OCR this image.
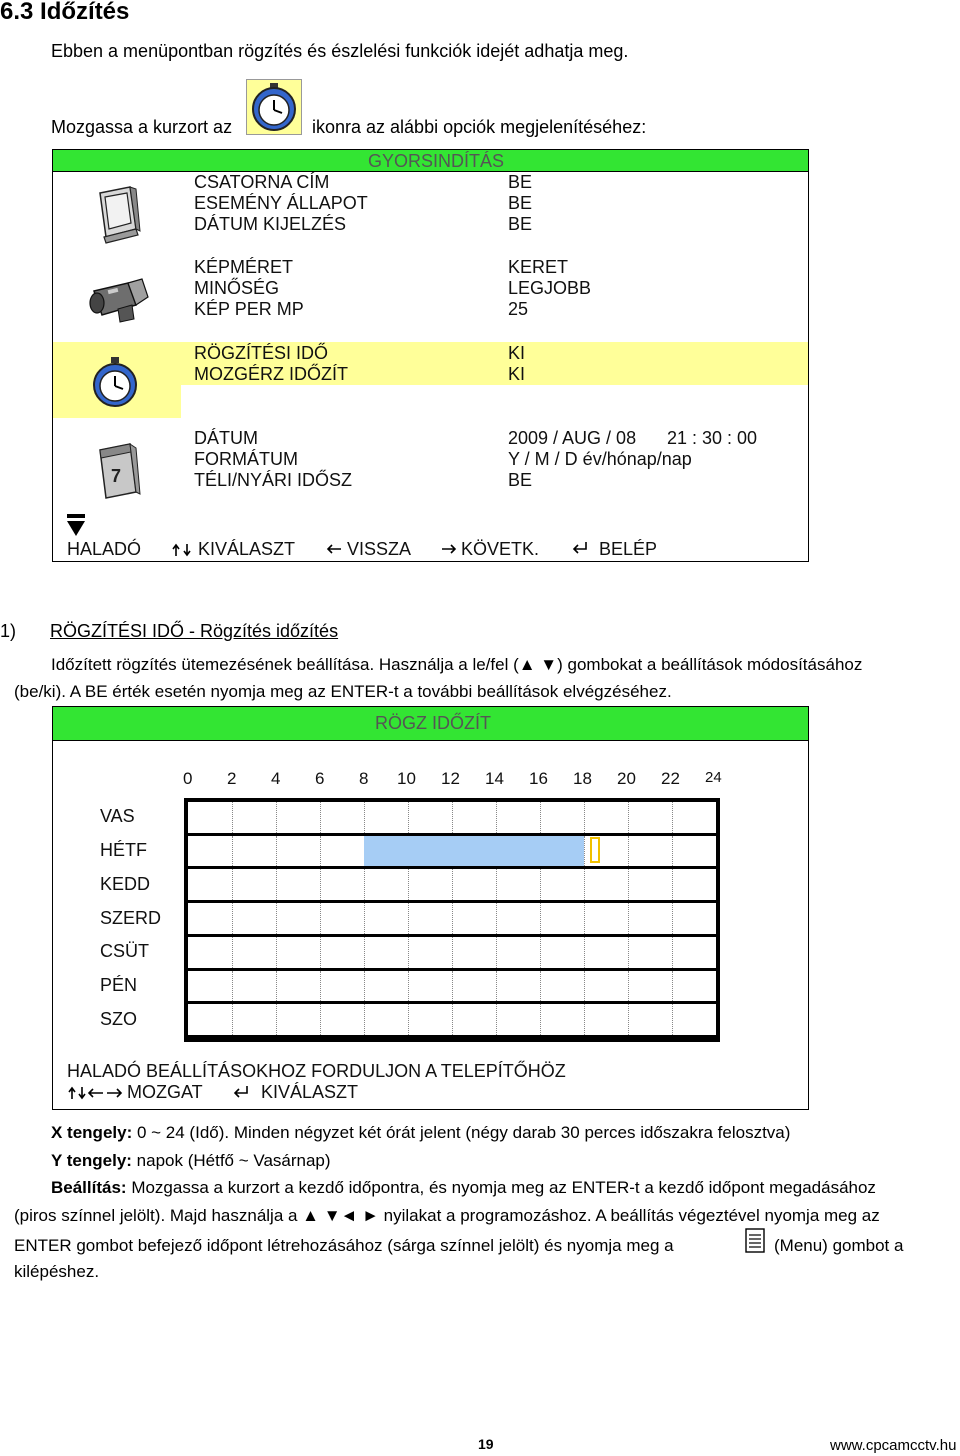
6.3 Időzítés
Ebben a menüpontban rögzítés és észlelési funkciók idejét adhatja meg.
Mozgassa a kurzort az	ikonra az alábbi opciók megjelenítéséhez:
GYORSINDÍTÁS
7
CSATORNA CÍM	BE
ESEMÉNY ÁLLAPOT	BE
DÁTUM KIJELZÉS	BE
KÉPMÉRET	KERET
MINŐSÉG	LEGJOBB
KÉP PER MP	25
RÖGZÍTÉSI IDŐ	KI
MOZGÉRZ IDŐZÍT	KI
DÁTUM	2009 / AUG / 08 21 : 30 : 00
FORMÁTUM	Y / M / D év/hónap/nap
TÉLI/NYÁRI IDŐSZ	BE
HALADÓ	KIVÁLASZT	VISSZA	KÖVETK.	BELÉP
1) RÖGZÍTÉSI IDŐ - Rögzítés időzítés
Időzített rögzítés ütemezésének beállítása. Használja a le/fel (▲ ▼) gombokat a beállítások módosításához
(be/ki). A BE érték esetén nyomja meg az ENTER-t a további beállítások elvégzéséhez.
RÖGZ IDŐZÍT
0 2 4 6 8 10 12 14 16 18 20 22 24
VAS
HÉTF
KEDD
SZERD
CSÜT
PÉN
SZO
HALADÓ BEÁLLÍTÁSOKHOZ FORDULJON A TELEPÍTŐHÖZ
MOZGAT	KIVÁLASZT
X tengely: 0 ~ 24 (Idő). Minden négyzet két órát jelent (négy darab 30 perces időszakra felosztva)
Y tengely: napok (Hétfő ~ Vasárnap)
Beállítás: Mozgassa a kurzort a kezdő időpontra, és nyomja meg az ENTER-t a kezdő időpont megadásához
(piros színnel jelölt). Majd használja a ▲ ▼◄ ► nyilakat a programozáshoz. A beállítás végeztével nyomja meg az
ENTER gombot befejező időpont létrehozásához (sárga színnel jelölt) és nyomja meg a	(Menu) gombot a
kilépéshez.
19	www.cpcamcctv.hu
